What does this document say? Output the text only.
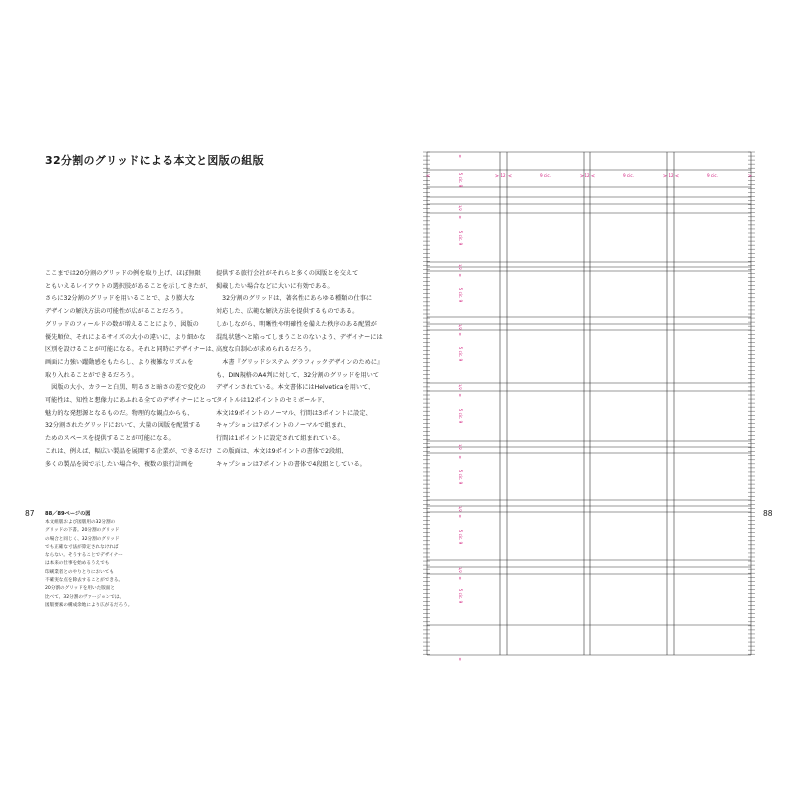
32分割のグリッドによる本文と図版の組版
ここまでは20分割のグリッドの例を取り上げ、ほぼ無限
ともいえるレイアウトの選択肢があることを示してきたが、
さらに32分割のグリッドを用いることで、より膨大な
デザインの解決方法の可能性が広がることだろう。
グリッドのフィールドの数が増えることにより、図版の
優先順位、それによるサイズの大小の違いに、より細かな
区別を設けることが可能になる。それと同時にデザイナーは、
画面に力強い躍動感をもたらし、より複雑なリズムを
取り入れることができるだろう。
　図版の大小、カラーと白黒、明るさと暗さの差で変化の
可能性は、知性と想像力にあふれる全てのデザイナーにとって
魅力的な発想源となるものだ。物理的な観点からも、
32分割されたグリッドにおいて、大量の図版を配置する
ためのスペースを提供することが可能になる。
これは、例えば、幅広い製品を展開する企業が、できるだけ
多くの製品を図で示したい場合や、複数の旅行計画を
提供する旅行会社がそれらと多くの図版とを交えて
掲載したい場合などに大いに有効である。
　32分割のグリッドは、著名性にあらゆる種類の仕事に
対応した、広範な解決方法を提供するものである。
しかしながら、明晰性や明確性を備えた秩序のある配置が
混乱状態へと陥ってしまうことのないよう、デザイナーには
高度な自制心が求められるだろう。
　本書『グリッドシステム グラフィックデザインのために』
も、DIN規格のA4判に対して、32分割のグリッドを用いて
デザインされている。本文書体にはHelveticaを用いて、
タイトルは12ポイントのセミボールド、
本文は9ポイントのノーマル、行間は3ポイントに設定、
キャプションは7ポイントのノーマルで組まれ、
行間は1ポイントに設定されて組まれている。
この版面は、本文は9ポイントの書体で2段組、
キャプションは7ポイントの書体で4段組としている。
87 88／89ページの図
本文組版および図版用の32分割の
グリッドの下書。20分割のグリッド
の場合と同じく、32分割のグリッド
でも正確な寸法が算定されなければ
ならない。そうすることでデザイナー
は本来の仕事を始めるうえでも
印刷業者とのやりとりにおいても
不確実な点を除去することができる。
20分割のグリッドを用いた版面と
比べて、32分割のヴァージョンでは、
図版要素の構成余地により広がるだろう。
88
<	> 12 <	> 12 <	> 12 <
9 cic.	9 cic.	9 cic.	>
5 cic. 9
5 cic. 9
5 cic. 9
5 cic. 9
5 cic. 9
5 cic. 9
5 cic. 9
5 cic. 9
1/2
1/2
1/2
1/2
1/2
1/2
1/2
∨
∨
∨
∨
∨
∨
∨
∨
∨
